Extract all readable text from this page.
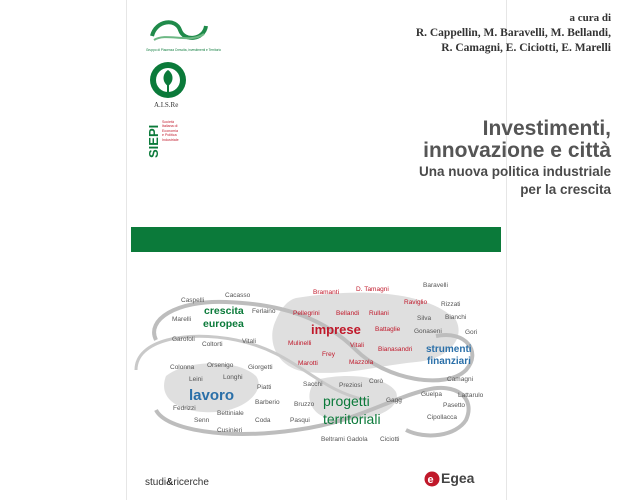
Gruppo di Piacenza Crescita, investimenti e Territorio
A.I.S.Re
SIEPI
Società
Italiana di
Economia
e Politica
Industriale
a cura di
R. Cappellin, M. Baravelli, M. Bellandi,
R. Camagni, E. Ciciotti, E. Marelli
Investimenti,
innovazione e città
Una nuova politica industriale
per la crescita
Bramanti	D. Tamagni
Baravelli
Caspelli
Cacasso
Raviglio Rizzati
crescita
europea
Marelli
Ferlaino	Pellegrini	Bellandi Rullani
Bianchi
Silva
imprese	Gonaseni	Gori
Garofoli
Coltorti	Vitali	Mulinelli	Vitali
Battaglie
Bianasandri strumenti
finanziari
Frey
Marotti	Mazzola
Orsenigo Giorgetti
Colonna
Longhi
Leini
Piatti	Sacchi	Preziosi
Corò	Camagni
lavoro	Barberio Bruzzo progetti	Gagg
Guelpa Lattarulo
Fedrizzi	Pasetto
Bettiniale
Senn	Coda	Pasqui territoriali	Cipollacca
Cusinieri
Beltrami Gadola Ciciotti
studi&ricerche	e Egea
